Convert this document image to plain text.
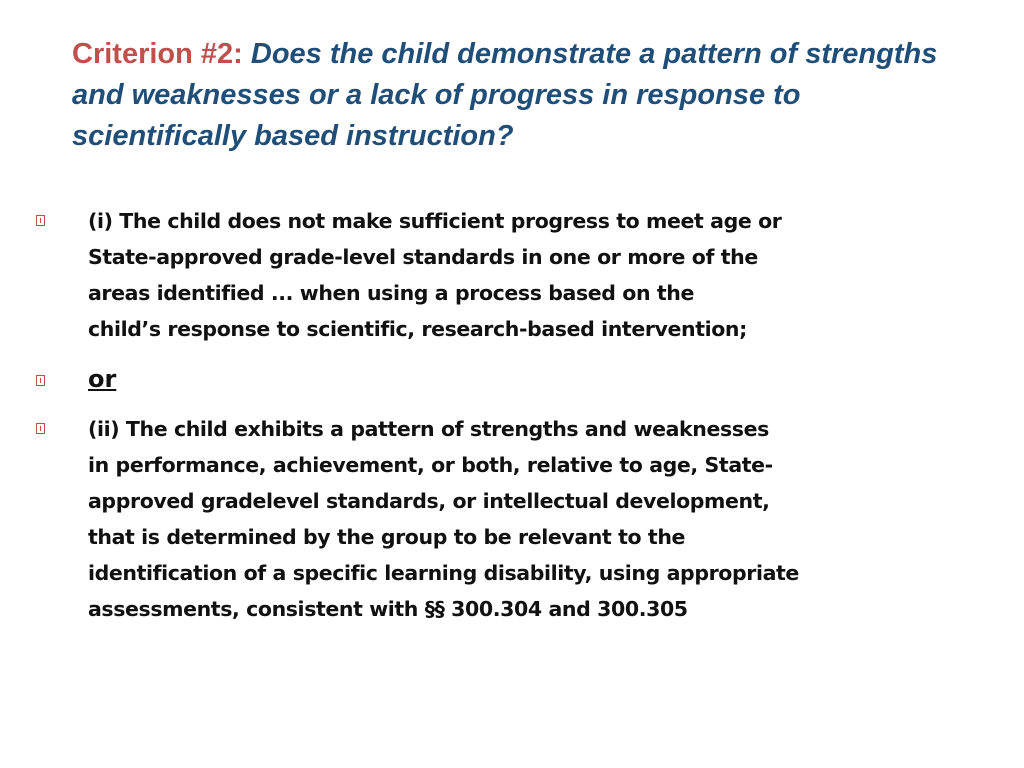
Criterion #2: Does the child demonstrate a pattern of strengths and weaknesses or a lack of progress in response to scientifically based instruction?
(i) The child does not make sufficient progress to meet age or
State-approved grade-level standards in one or more of the
areas identified ... when using a process based on the
child’s response to scientific, research-based intervention;
or
(ii) The child exhibits a pattern of strengths and weaknesses
in performance, achievement, or both, relative to age, State-
approved gradelevel standards, or intellectual development,
that is determined by the group to be relevant to the
identification of a specific learning disability, using appropriate
assessments, consistent with §§ 300.304 and 300.305
